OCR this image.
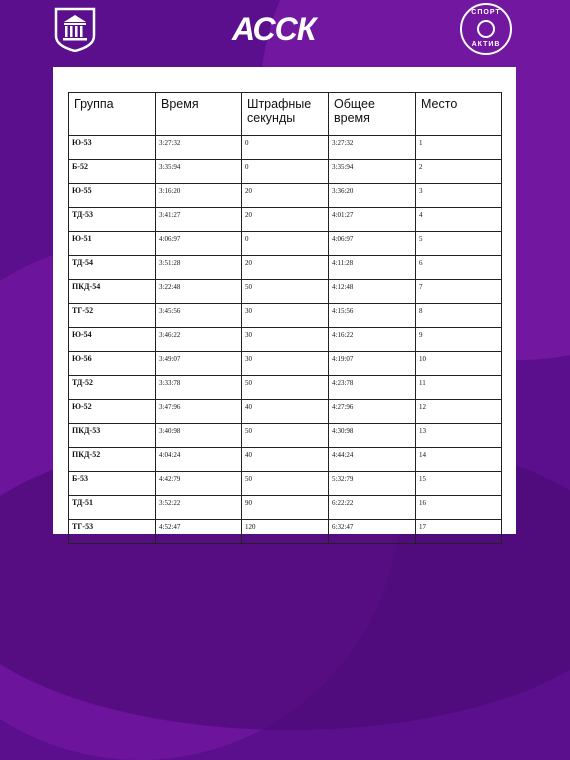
АССК	СПОРТ
АКТИВ
Группа	Время	Штрафные секунды	Общее время	Место
Ю-53	3:27:32	0	3:27:32	1
Б-52	3:35:94	0	3:35:94	2
Ю-55	3:16:20	20	3:36:20	3
ТД-53	3:41:27	20	4:01:27	4
Ю-51	4:06:97	0	4:06:97	5
ТД-54	3:51:28	20	4:11:28	6
ПКД-54	3:22:48	50	4:12:48	7
ТГ-52	3:45:56	30	4:15:56	8
Ю-54	3:46:22	30	4:16:22	9
Ю-56	3:49:07	30	4:19:07	10
ТД-52	3:33:78	50	4:23:78	11
Ю-52	3:47:96	40	4:27:96	12
ПКД-53	3:40:98	50	4:30:98	13
ПКД-52	4:04:24	40	4:44:24	14
Б-53	4:42:79	50	5:32:79	15
ТД-51	3:52:22	90	6:22:22	16
ТГ-53	4:52:47	120	6:32:47	17
